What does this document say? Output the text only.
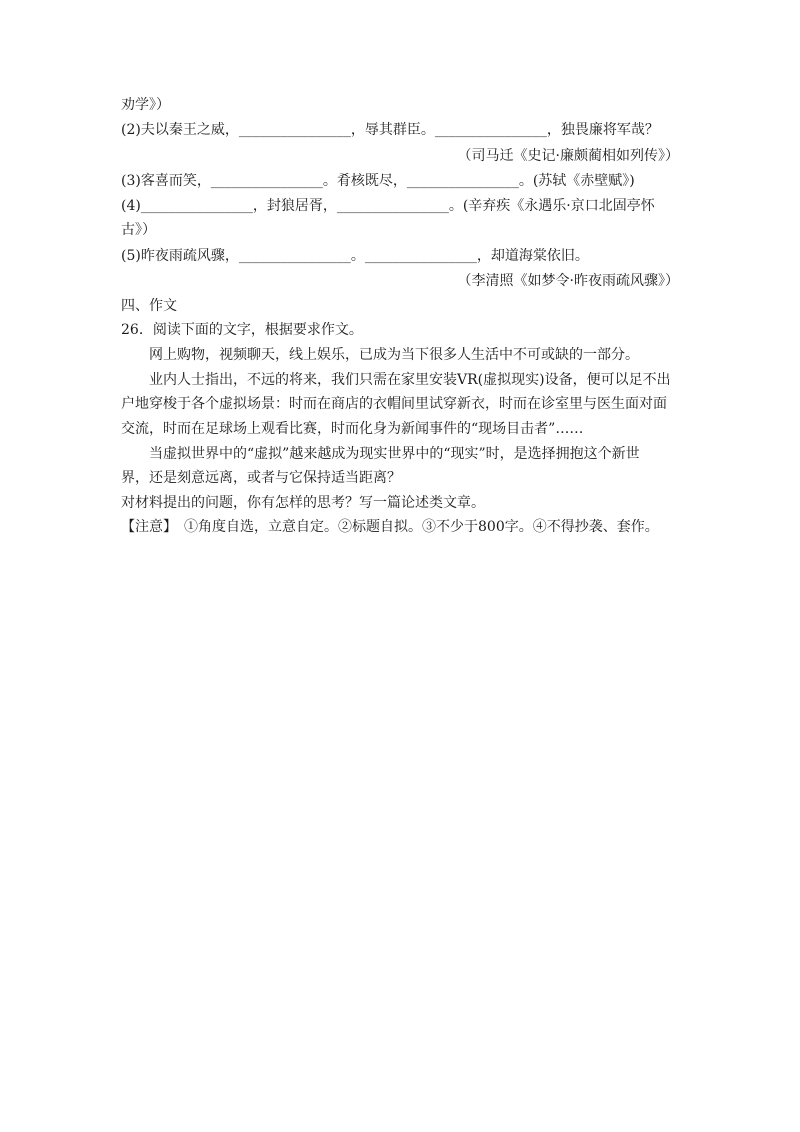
劝学》）
(2)夫以秦王之威，________________，辱其群臣。________________，独畏廉将军哉？
（司马迁《史记·廉颇蔺相如列传》）
(3)客喜而笑，________________。肴核既尽，________________。(苏轼《赤壁赋》)
(4)________________，封狼居胥，________________。(辛弃疾《永遇乐·京口北固亭怀
古》）
(5)昨夜雨疏风骤，________________。________________，却道海棠依旧。
（李清照《如梦令·昨夜雨疏风骤》）
四、作文
26．阅读下面的文字，根据要求作文。
网上购物，视频聊天，线上娱乐，已成为当下很多人生活中不可或缺的一部分。
业内人士指出，不远的将来，我们只需在家里安装VR(虚拟现实)设备，便可以足不出
户地穿梭于各个虚拟场景：时而在商店的衣帽间里试穿新衣，时而在诊室里与医生面对面
交流，时而在足球场上观看比赛，时而化身为新闻事件的“现场目击者”……
当虚拟世界中的“虚拟”越来越成为现实世界中的“现实”时，是选择拥抱这个新世
界，还是刻意远离，或者与它保持适当距离？
对材料提出的问题，你有怎样的思考？写一篇论述类文章。
【注意】　①角度自选，立意自定。②标题自拟。③不少于800字。④不得抄袭、套作。
